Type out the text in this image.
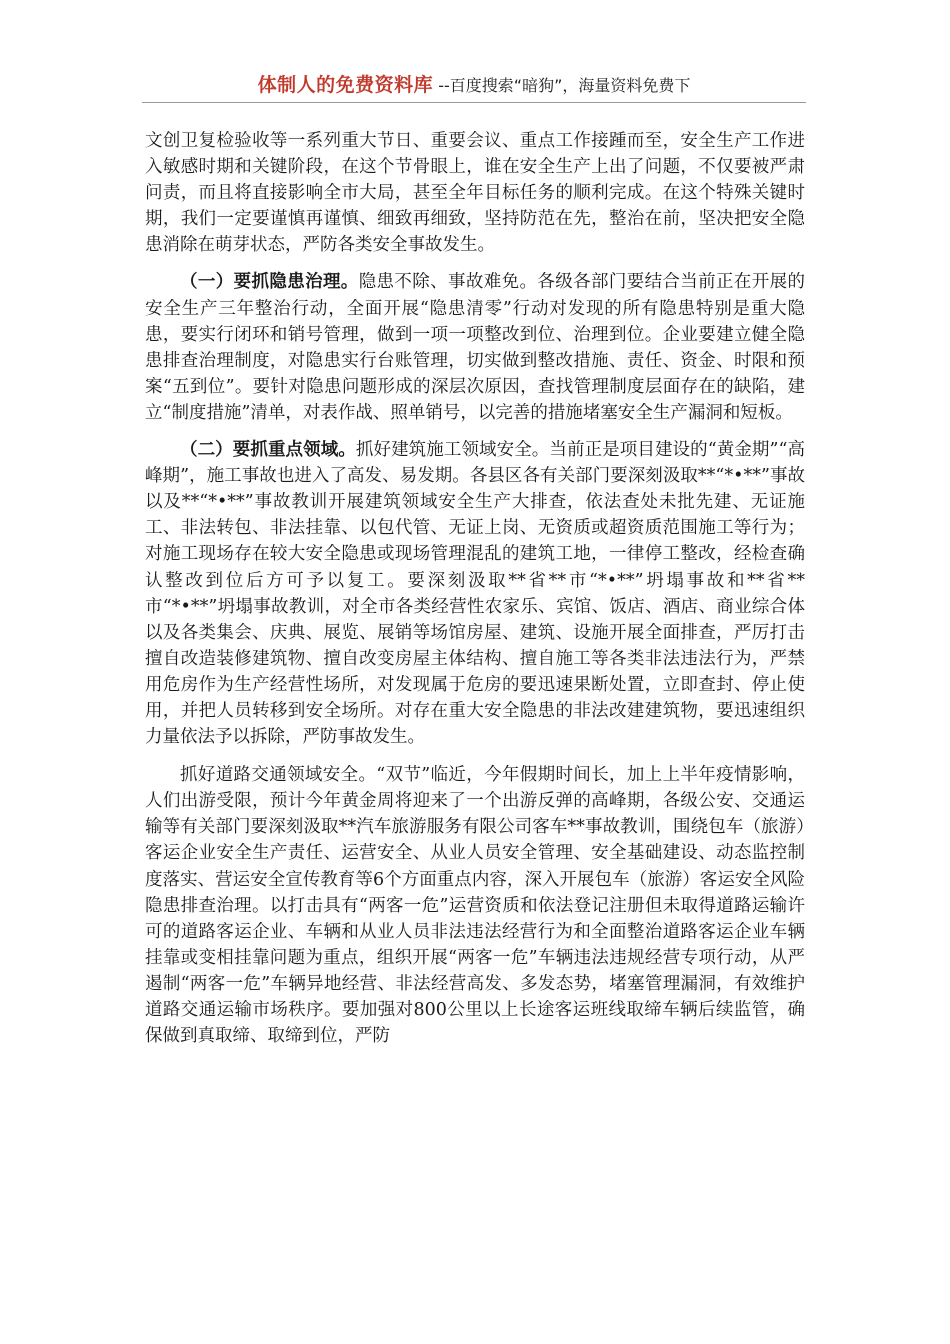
体制人的免费资料库 --百度搜索“暗狗”，海量资料免费下

文创卫复检验收等一系列重大节日、重要会议、重点工作接踵而至，安全生产工作进入敏感时期和关键阶段，在这个节骨眼上，谁在安全生产上出了问题，不仅要被严肃问责，而且将直接影响全市大局，甚至全年目标任务的顺利完成。在这个特殊关键时期，我们一定要谨慎再谨慎、细致再细致，坚持防范在先，整治在前，坚决把安全隐患消除在萌芽状态，严防各类安全事故发生。

（一）要抓隐患治理。隐患不除、事故难免。各级各部门要结合当前正在开展的安全生产三年整治行动，全面开展“隐患清零”行动对发现的所有隐患特别是重大隐患，要实行闭环和销号管理，做到一项一项整改到位、治理到位。企业要建立健全隐患排查治理制度，对隐患实行台账管理，切实做到整改措施、责任、资金、时限和预案“五到位”。要针对隐患问题形成的深层次原因，查找管理制度层面存在的缺陷，建立“制度措施”清单，对表作战、照单销号，以完善的措施堵塞安全生产漏洞和短板。

（二）要抓重点领域。抓好建筑施工领域安全。当前正是项目建设的“黄金期”“高峰期”，施工事故也进入了高发、易发期。各县区各有关部门要深刻汲取**“*•**”事故以及**“*•**”事故教训开展建筑领域安全生产大排查，依法查处未批先建、无证施工、非法转包、非法挂靠、以包代管、无证上岗、无资质或超资质范围施工等行为；对施工现场存在较大安全隐患或现场管理混乱的建筑工地，一律停工整改，经检查确认整改到位后方可予以复工。要深刻汲取**省**市“*•**”坍塌事故和**省**市“*•**”坍塌事故教训，对全市各类经营性农家乐、宾馆、饭店、酒店、商业综合体以及各类集会、庆典、展览、展销等场馆房屋、建筑、设施开展全面排查，严厉打击擅自改造装修建筑物、擅自改变房屋主体结构、擅自施工等各类非法违法行为，严禁用危房作为生产经营性场所，对发现属于危房的要迅速果断处置，立即查封、停止使用，并把人员转移到安全场所。对存在重大安全隐患的非法改建建筑物，要迅速组织力量依法予以拆除，严防事故发生。

抓好道路交通领域安全。“双节”临近，今年假期时间长，加上上半年疫情影响，人们出游受限，预计今年黄金周将迎来了一个出游反弹的高峰期，各级公安、交通运输等有关部门要深刻汲取**汽车旅游服务有限公司客车**事故教训，围绕包车（旅游）客运企业安全生产责任、运营安全、从业人员安全管理、安全基础建设、动态监控制度落实、营运安全宣传教育等6个方面重点内容，深入开展包车（旅游）客运安全风险隐患排查治理。以打击具有“两客一危”运营资质和依法登记注册但未取得道路运输许可的道路客运企业、车辆和从业人员非法违法经营行为和全面整治道路客运企业车辆挂靠或变相挂靠问题为重点，组织开展“两客一危”车辆违法违规经营专项行动，从严遏制“两客一危”车辆异地经营、非法经营高发、多发态势，堵塞管理漏洞，有效维护道路交通运输市场秩序。要加强对800公里以上长途客运班线取缔车辆后续监管，确保做到真取缔、取缔到位，严防
